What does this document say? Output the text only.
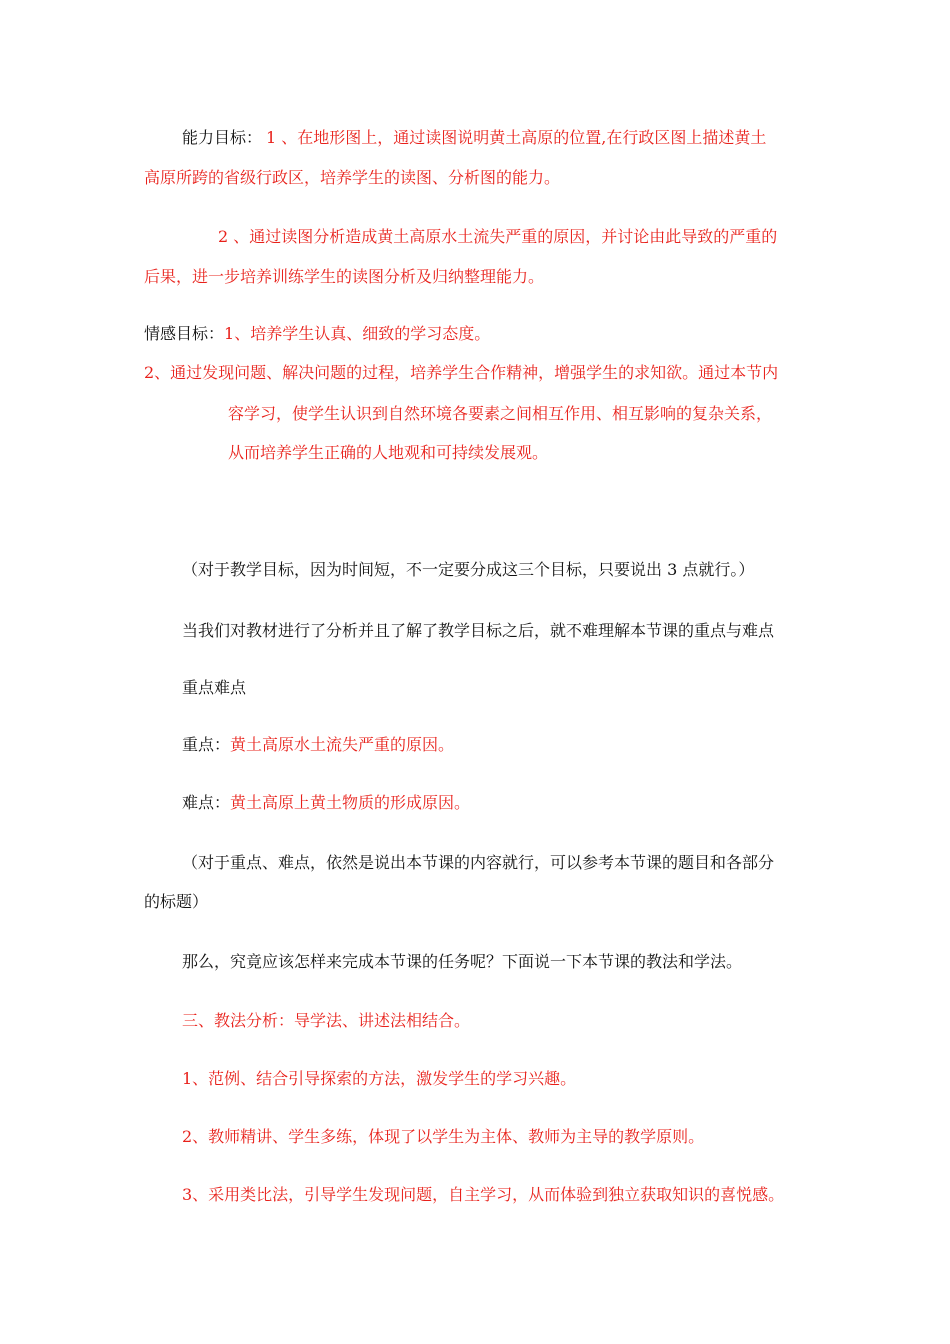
能力目标： 1 、在地形图上，通过读图说明黄土高原的位置,在行政区图上描述黄土
高原所跨的省级行政区，培养学生的读图、分析图的能力。
2 、通过读图分析造成黄土高原水土流失严重的原因，并讨论由此导致的严重的
后果，进一步培养训练学生的读图分析及归纳整理能力。
情感目标：1、培养学生认真、细致的学习态度。
2、通过发现问题、解决问题的过程，培养学生合作精神，增强学生的求知欲。通过本节内
容学习，使学生认识到自然环境各要素之间相互作用、相互影响的复杂关系，
从而培养学生正确的人地观和可持续发展观。
（对于教学目标，因为时间短，不一定要分成这三个目标，只要说出 3 点就行。）
当我们对教材进行了分析并且了解了教学目标之后，就不难理解本节课的重点与难点
重点难点
重点：黄土高原水土流失严重的原因。
难点：黄土高原上黄土物质的形成原因。
（对于重点、难点，依然是说出本节课的内容就行，可以参考本节课的题目和各部分
的标题）
那么，究竟应该怎样来完成本节课的任务呢？下面说一下本节课的教法和学法。
三、教法分析：导学法、讲述法相结合。
1、范例、结合引导探索的方法，激发学生的学习兴趣。
2、教师精讲、学生多练，体现了以学生为主体、教师为主导的教学原则。
3、采用类比法，引导学生发现问题，自主学习，从而体验到独立获取知识的喜悦感。
